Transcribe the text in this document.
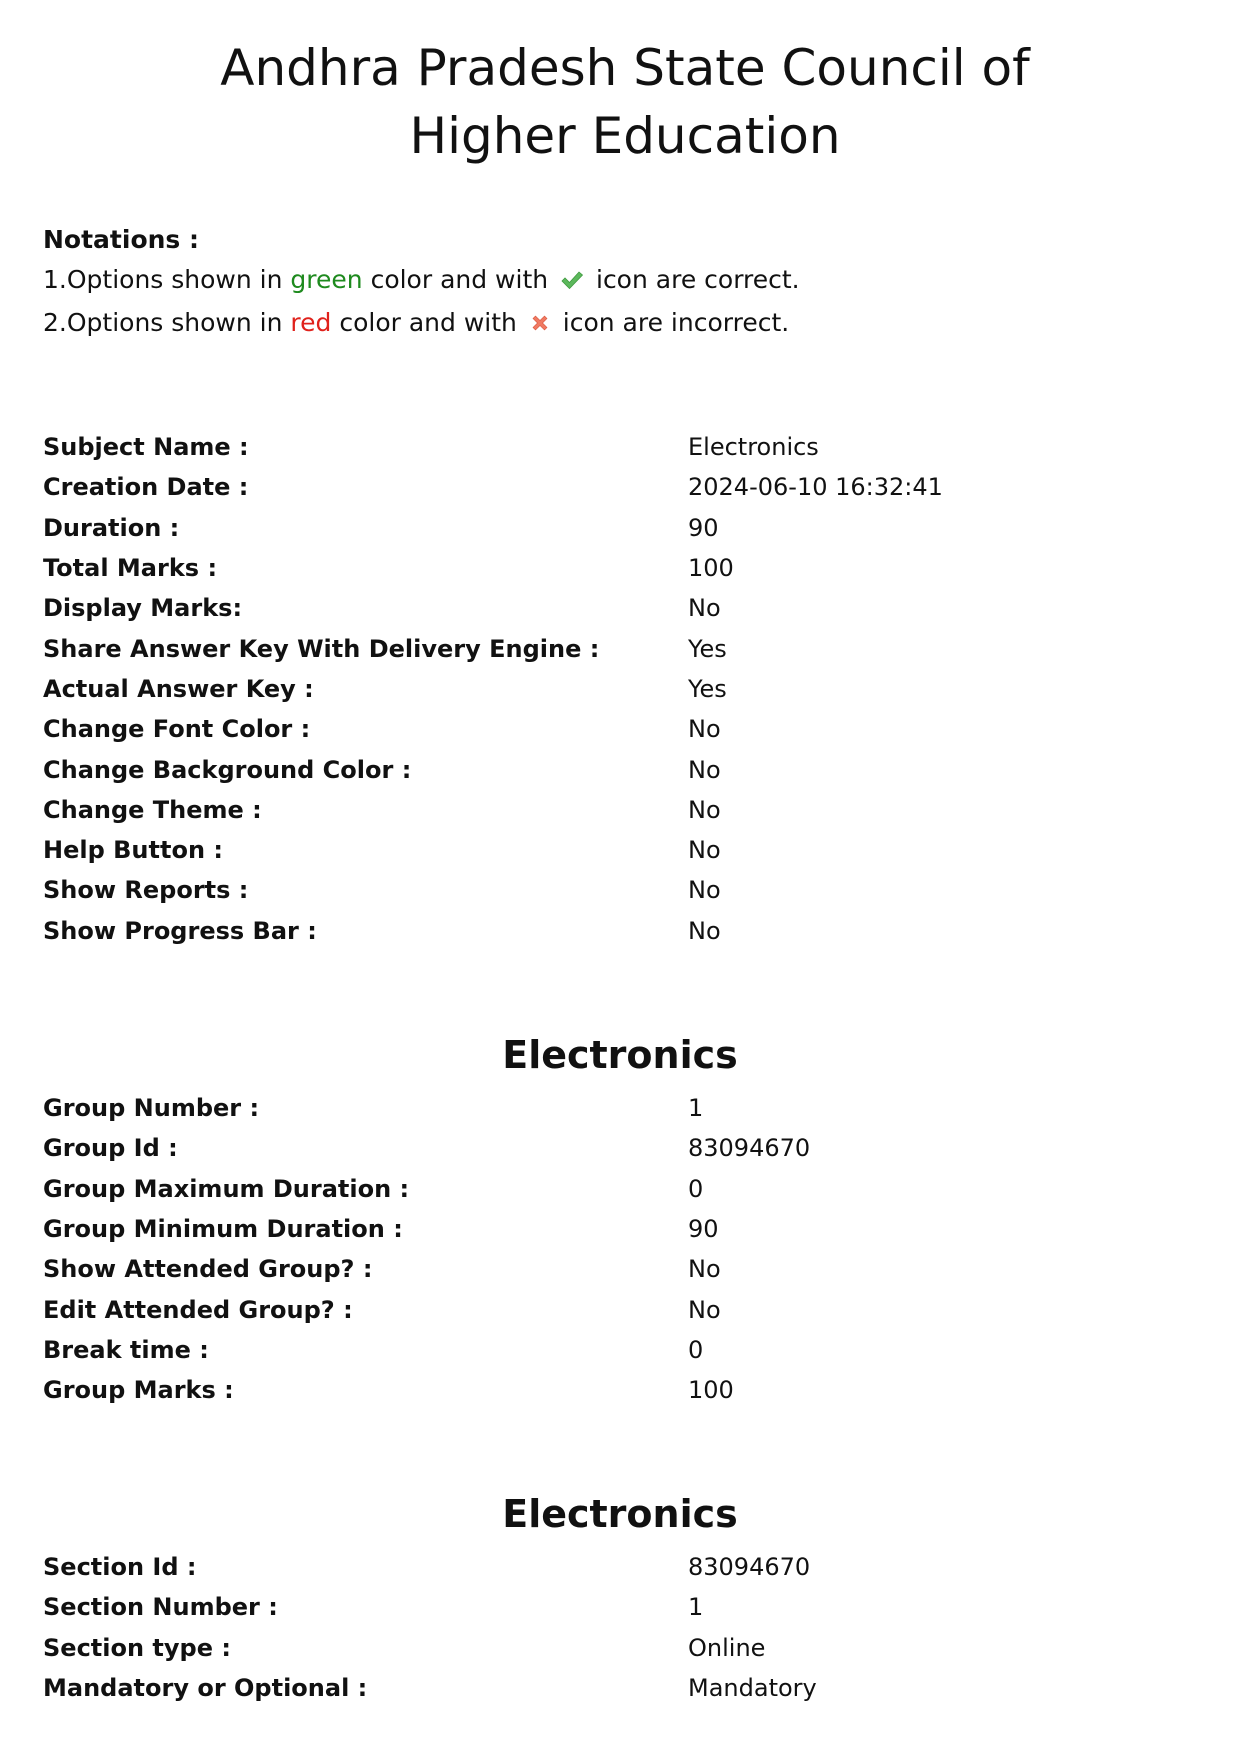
Andhra Pradesh State Council of Higher Education
Notations :
1.Options shown in green color and with  icon are correct.
2.Options shown in red color and with  icon are incorrect.
Subject Name :	Electronics
Creation Date :	2024-06-10 16:32:41
Duration :	90
Total Marks :	100
Display Marks:	No
Share Answer Key With Delivery Engine :	Yes
Actual Answer Key :	Yes
Change Font Color :	No
Change Background Color :	No
Change Theme :	No
Help Button :	No
Show Reports :	No
Show Progress Bar :	No
Electronics
Group Number :	1
Group Id :	83094670
Group Maximum Duration :	0
Group Minimum Duration :	90
Show Attended Group? :	No
Edit Attended Group? :	No
Break time :	0
Group Marks :	100
Electronics
Section Id :	83094670
Section Number :	1
Section type :	Online
Mandatory or Optional :	Mandatory
